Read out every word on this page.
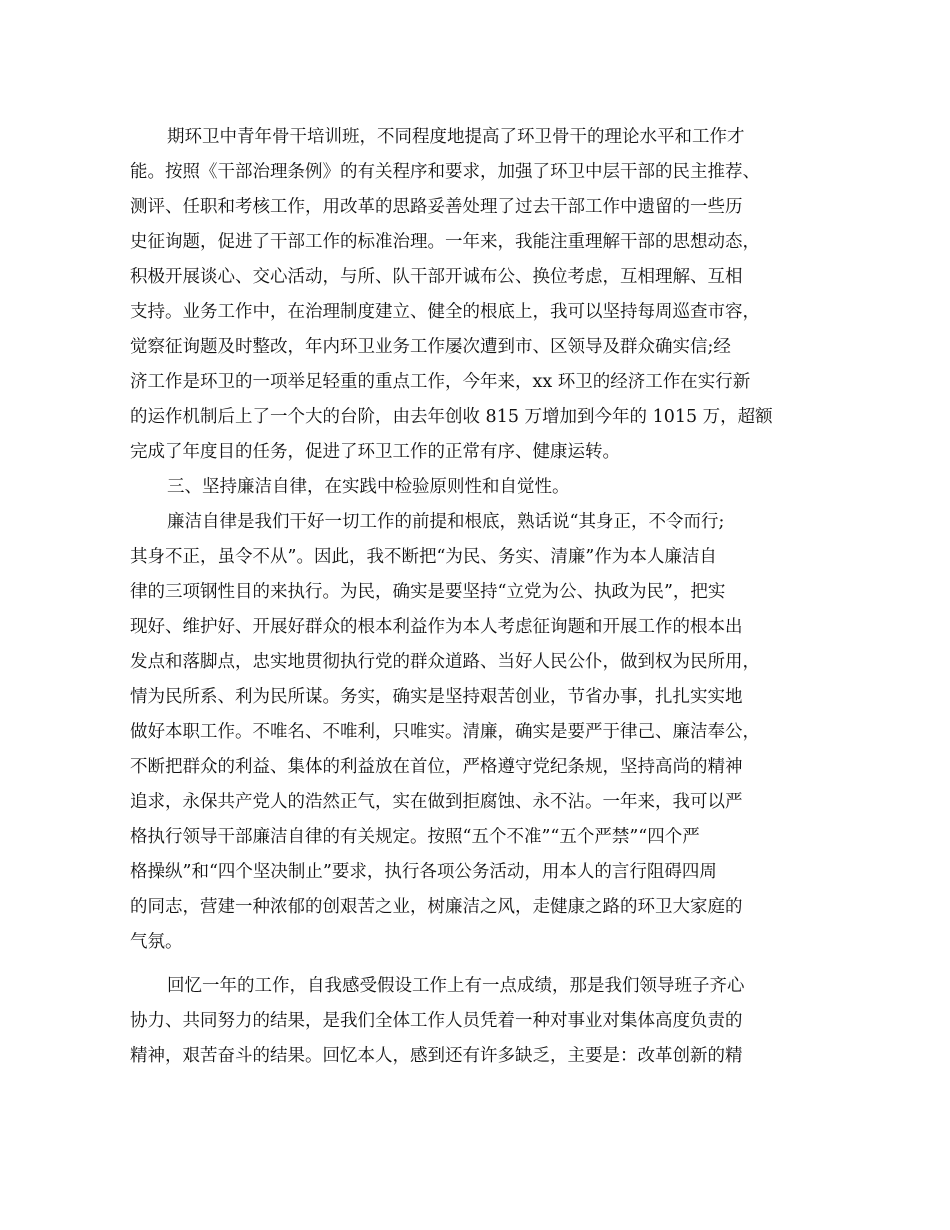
期环卫中青年骨干培训班，不同程度地提高了环卫骨干的理论水平和工作才
能。按照《干部治理条例》的有关程序和要求，加强了环卫中层干部的民主推荐、
测评、任职和考核工作，用改革的思路妥善处理了过去干部工作中遗留的一些历
史征询题，促进了干部工作的标准治理。一年来，我能注重理解干部的思想动态，
积极开展谈心、交心活动，与所、队干部开诚布公、换位考虑，互相理解、互相
支持。业务工作中，在治理制度建立、健全的根底上，我可以坚持每周巡查市容，
觉察征询题及时整改，年内环卫业务工作屡次遭到市、区领导及群众确实信;经
济工作是环卫的一项举足轻重的重点工作，今年来，xx 环卫的经济工作在实行新
的运作机制后上了一个大的台阶，由去年创收 815 万增加到今年的 1015 万，超额
完成了年度目的任务，促进了环卫工作的正常有序、健康运转。
三、坚持廉洁自律，在实践中检验原则性和自觉性。
廉洁自律是我们干好一切工作的前提和根底，熟话说“其身正，不令而行;
其身不正，虽令不从”。因此，我不断把“为民、务实、清廉”作为本人廉洁自
律的三项钢性目的来执行。为民，确实是要坚持“立党为公、执政为民”，把实
现好、维护好、开展好群众的根本利益作为本人考虑征询题和开展工作的根本出
发点和落脚点，忠实地贯彻执行党的群众道路、当好人民公仆，做到权为民所用，
情为民所系、利为民所谋。务实，确实是坚持艰苦创业，节省办事，扎扎实实地
做好本职工作。不唯名、不唯利，只唯实。清廉，确实是要严于律己、廉洁奉公，
不断把群众的利益、集体的利益放在首位，严格遵守党纪条规，坚持高尚的精神
追求，永保共产党人的浩然正气，实在做到拒腐蚀、永不沾。一年来，我可以严
格执行领导干部廉洁自律的有关规定。按照“五个不准”“五个严禁”“四个严
格操纵”和“四个坚决制止”要求，执行各项公务活动，用本人的言行阻碍四周
的同志，营建一种浓郁的创艰苦之业，树廉洁之风，走健康之路的环卫大家庭的
气氛。
回忆一年的工作，自我感受假设工作上有一点成绩，那是我们领导班子齐心
协力、共同努力的结果，是我们全体工作人员凭着一种对事业对集体高度负责的
精神，艰苦奋斗的结果。回忆本人，感到还有许多缺乏，主要是：改革创新的精
